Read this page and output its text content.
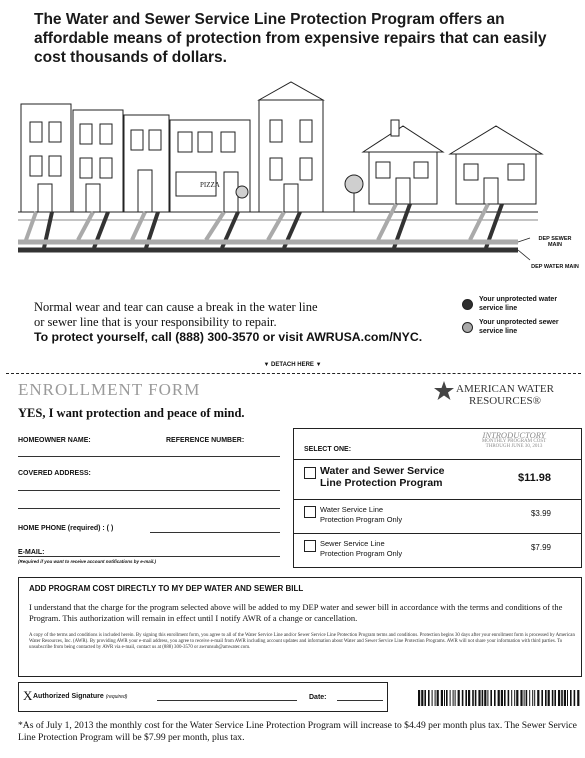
The Water and Sewer Service Line Protection Program offers an affordable means of protection from expensive repairs that can easily cost thousands of dollars.
PIZZA
DEP SEWER MAIN
DEP WATER MAIN
Normal wear and tear can cause a break in the water line
or sewer line that is your responsibility to repair.
To protect yourself, call (888) 300-3570 or visit AWRUSA.com/NYC.
Your unprotected water service line
Your unprotected sewer service line
▼ DETACH HERE ▼
ENROLLMENT FORM
YES, I want protection and peace of mind.
AMERICAN WATER
RESOURCES®
HOMEOWNER NAME:	REFERENCE NUMBER:
COVERED ADDRESS:
HOME PHONE (required) : ( )
E-MAIL:
(Required if you want to receive account notifications by e-mail.)
SELECT ONE:
INTRODUCTORY
MONTHLY PROGRAM COST
THROUGH JUNE 30, 2013
Water and Sewer Service
Line Protection Program	$11.98
Water Service Line
Protection Program Only
$3.99
Sewer Service Line
Protection Program Only
$7.99
ADD PROGRAM COST DIRECTLY TO MY DEP WATER AND SEWER BILL
I understand that the charge for the program selected above will be added to my DEP water and sewer bill in accordance with the terms and conditions of the Program. This authorization will remain in effect until I notify AWR of a change or cancellation.
A copy of the terms and conditions is included herein. By signing this enrollment form, you agree to all of the Water Service Line and/or Sewer Service Line Protection Program terms and conditions. Protection begins 30 days after your enrollment form is processed by American Water Resources, Inc. (AWR). By providing AWR your e-mail address, you agree to receive e-mail from AWR including account updates and information about Water and Sewer Service Line Protection Programs. AWR will not share your information with third parties. To unsubscribe from being contacted by AWR via e-mail, contact us at (888) 300-3570 or awrunsub@amwater.com.
X Authorized Signature (required)	Date:
*As of July 1, 2013 the monthly cost for the Water Service Line Protection Program will increase to $4.49 per month plus tax. The Sewer Service Line Protection Program will be $7.99 per month, plus tax.
